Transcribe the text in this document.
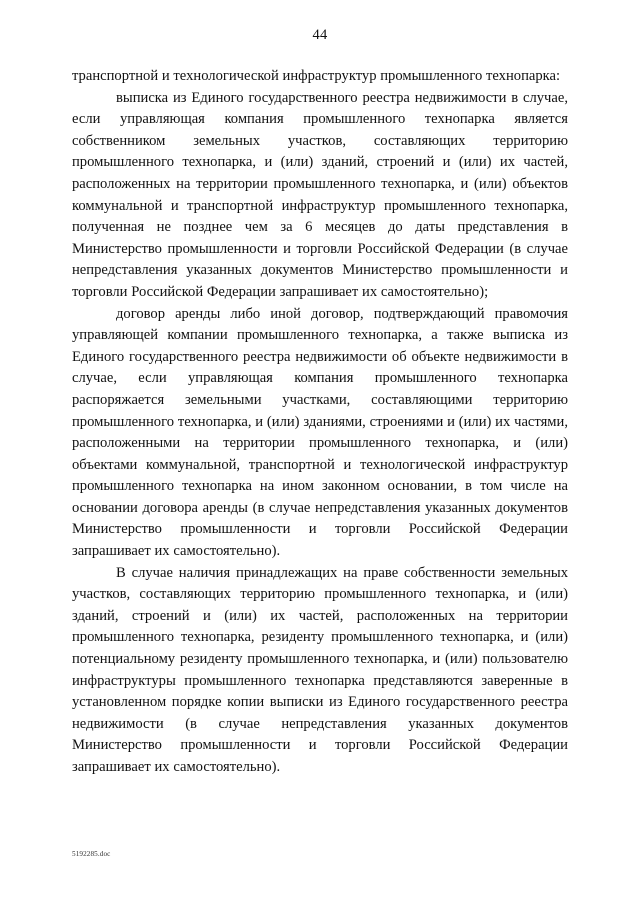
44

транспортной и технологической инфраструктур промышленного технопарка:

выписка из Единого государственного реестра недвижимости в случае, если управляющая компания промышленного технопарка является собственником земельных участков, составляющих территорию промышленного технопарка, и (или) зданий, строений и (или) их частей, расположенных на территории промышленного технопарка, и (или) объектов коммунальной и транспортной инфраструктур промышленного технопарка, полученная не позднее чем за 6 месяцев до даты представления в Министерство промышленности и торговли Российской Федерации (в случае непредставления указанных документов Министерство промышленности и торговли Российской Федерации запрашивает их самостоятельно);

договор аренды либо иной договор, подтверждающий правомочия управляющей компании промышленного технопарка, а также выписка из Единого государственного реестра недвижимости об объекте недвижимости в случае, если управляющая компания промышленного технопарка распоряжается земельными участками, составляющими территорию промышленного технопарка, и (или) зданиями, строениями и (или) их частями, расположенными на территории промышленного технопарка, и (или) объектами коммунальной, транспортной и технологической инфраструктур промышленного технопарка на ином законном основании, в том числе на основании договора аренды (в случае непредставления указанных документов Министерство промышленности и торговли Российской Федерации запрашивает их самостоятельно).

В случае наличия принадлежащих на праве собственности земельных участков, составляющих территорию промышленного технопарка, и (или) зданий, строений и (или) их частей, расположенных на территории промышленного технопарка, резиденту промышленного технопарка, и (или) потенциальному резиденту промышленного технопарка, и (или) пользователю инфраструктуры промышленного технопарка представляются заверенные в установленном порядке копии выписки из Единого государственного реестра недвижимости (в случае непредставления указанных документов Министерство промышленности и торговли Российской Федерации запрашивает их самостоятельно).

5192285.doc
